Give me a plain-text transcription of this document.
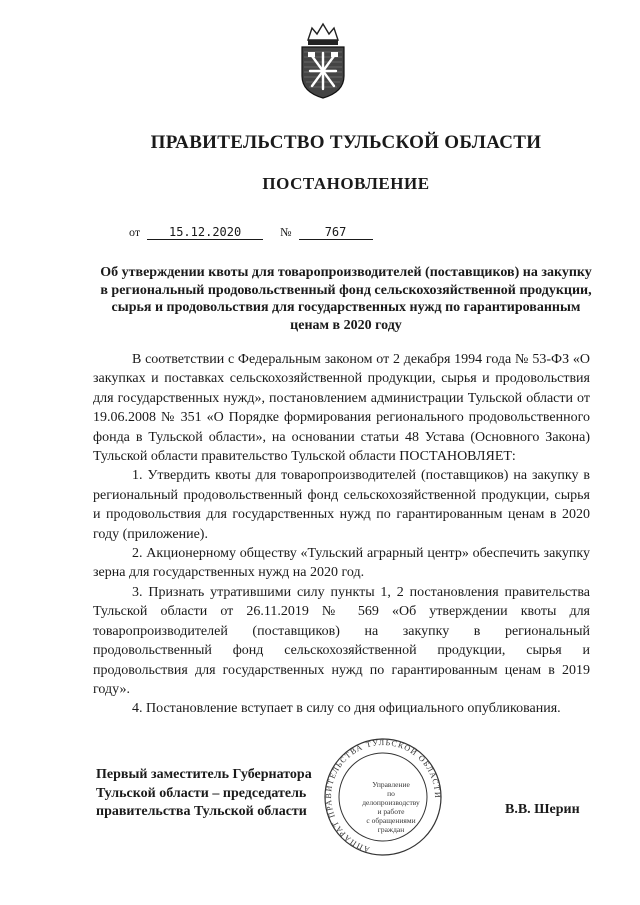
ПРАВИТЕЛЬСТВО ТУЛЬСКОЙ ОБЛАСТИ
ПОСТАНОВЛЕНИЕ
от 15.12.2020	№	767
Об утверждении квоты для товаропроизводителей (поставщиков) на закупку в региональный продовольственный фонд сельскохозяйственной продукции, сырья и продовольствия для государственных нужд по гарантированным ценам в 2020 году

В соответствии с Федеральным законом от 2 декабря 1994 года № 53-ФЗ «О закупках и поставках сельскохозяйственной продукции, сырья и продовольствия для государственных нужд», постановлением администрации Тульской области от 19.06.2008 № 351 «О Порядке формирования регионального продовольственного фонда в Тульской области», на основании статьи 48 Устава (Основного Закона) Тульской области правительство Тульской области ПОСТАНОВЛЯЕТ:

1. Утвердить квоты для товаропроизводителей (поставщиков) на закупку в региональный продовольственный фонд сельскохозяйственной продукции, сырья и продовольствия для государственных нужд по гарантированным ценам в 2020 году (приложение).

2. Акционерному обществу «Тульский аграрный центр» обеспечить закупку зерна для государственных нужд на 2020 год.

3. Признать утратившими силу пункты 1, 2 постановления правительства Тульской области от 26.11.2019 № 569 «Об утверждении квоты для товаропроизводителей (поставщиков) на закупку в региональный продовольственный фонд сельскохозяйственной продукции, сырья и продовольствия для государственных нужд по гарантированным ценам в 2019 году».

4. Постановление вступает в силу со дня официального опубликования.

Первый заместитель Губернатора
Тульской области – председатель
правительства Тульской области	В.В. Шерин
АППАРАТ ПРАВИТЕЛЬСТВА ТУЛЬСКОЙ ОБЛАСТИ
Управление
по делопроизводству
и работе
с обращениями
граждан
